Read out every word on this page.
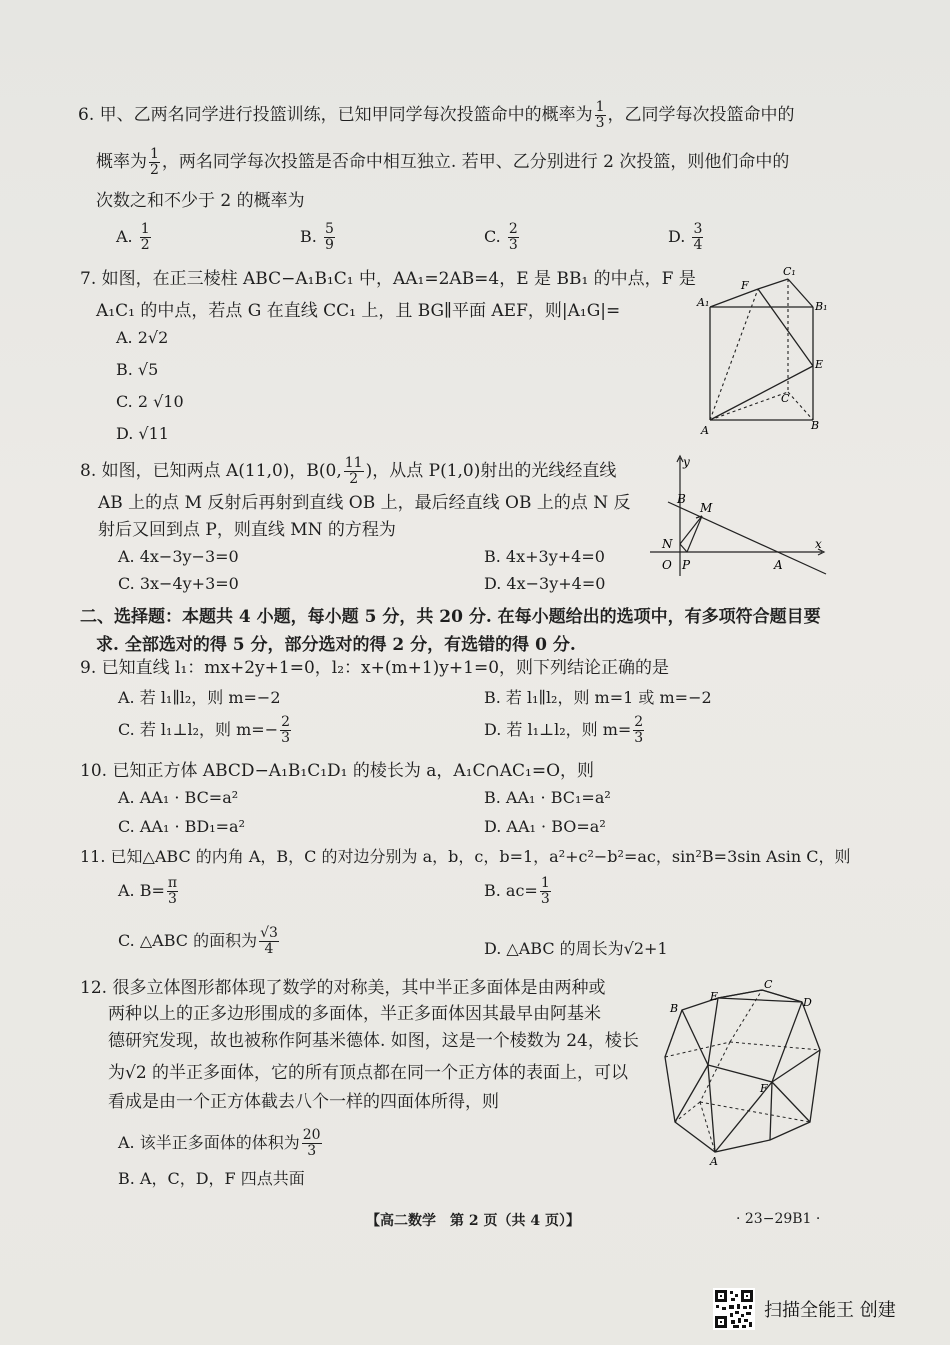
6. 甲、乙两名同学进行投篮训练，已知甲同学每次投篮命中的概率为 $\frac{1}{3}$ ，乙同学每次投篮命中的
概率为 $\frac{1}{2}$ ，两名同学每次投篮是否命中相互独立. 若甲、乙分别进行 2 次投篮，则他们命中的
次数之和不少于 2 的概率为
A. $\frac{1}{2}$	B. $\frac{5}{9}$	C. $\frac{2}{3}$	D. $\frac{3}{4}$
7. 如图，在正三棱柱 ABC−A₁B₁C₁ 中，AA₁=2AB=4，E 是 BB₁ 的中点，F 是
A₁C₁ 的中点，若点 G 在直线 CC₁ 上，且 BG∥平面 AEF，则|A₁G|=
A. 2√2
B. √5
C. 2 √10
D. √11
C₁
A₁
F
B₁
E
C
A	B
8. 如图，已知两点 A(11,0)，B(0, $\frac{11}{2}$ )，从点 P(1,0)射出的光线经直线
AB 上的点 M 反射后再射到直线 OB 上，最后经直线 OB 上的点 N 反
射后又回到点 P，则直线 MN 的方程为
A. 4x−3y−3=0	B. 4x+3y+4=0
C. 3x−4y+3=0	D. 4x−3y+4=0
y
x
B
M
N
O P	A
二、选择题：本题共 4 小题，每小题 5 分，共 20 分. 在每小题给出的选项中，有多项符合题目要
求. 全部选对的得 5 分，部分选对的得 2 分，有选错的得 0 分.
9. 已知直线 l₁：mx+2y+1=0，l₂：x+(m+1)y+1=0，则下列结论正确的是
A. 若 l₁∥l₂，则 m=−2	B. 若 l₁∥l₂，则 m=1 或 m=−2
C. 若 l₁⊥l₂，则 $m=- \frac{2}{3}$	D. 若 l₁⊥l₂，则 $m= \frac{2}{3}$
10. 已知正方体 ABCD−A₁B₁C₁D₁ 的棱长为 a，A₁C∩AC₁=O，则
A. AA₁ · BC=a²	B. AA₁ · BC₁=a²
C. AA₁ · BD₁=a²	D. AA₁ · BO=a²
11. 已知△ABC 的内角 A，B，C 的对边分别为 a，b，c，b=1，a²+c²−b²=ac，sin²B=3sin Asin C，则
A. $B= \frac{\pi}{3}$	B. $ac= \frac{1}{3}$
C. △ABC 的面积为 $\frac{√3}{4}$	D. △ABC 的周长为√2+1
12. 很多立体图形都体现了数学的对称美，其中半正多面体是由两种或
两种以上的正多边形围成的多面体，半正多面体因其最早由阿基米
德研究发现，故也被称作阿基米德体. 如图，这是一个棱数为 24，棱长
为√2 的半正多面体，它的所有顶点都在同一个正方体的表面上，可以
看成是由一个正方体截去八个一样的四面体所得，则
A. 该半正多面体的体积为 $\frac{20}{3}$
B. A，C，D，F 四点共面
B
E
C
D
F
A
【高二数学　第 2 页（共 4 页）】	· 23−29B1 ·
扫描全能王 创建
